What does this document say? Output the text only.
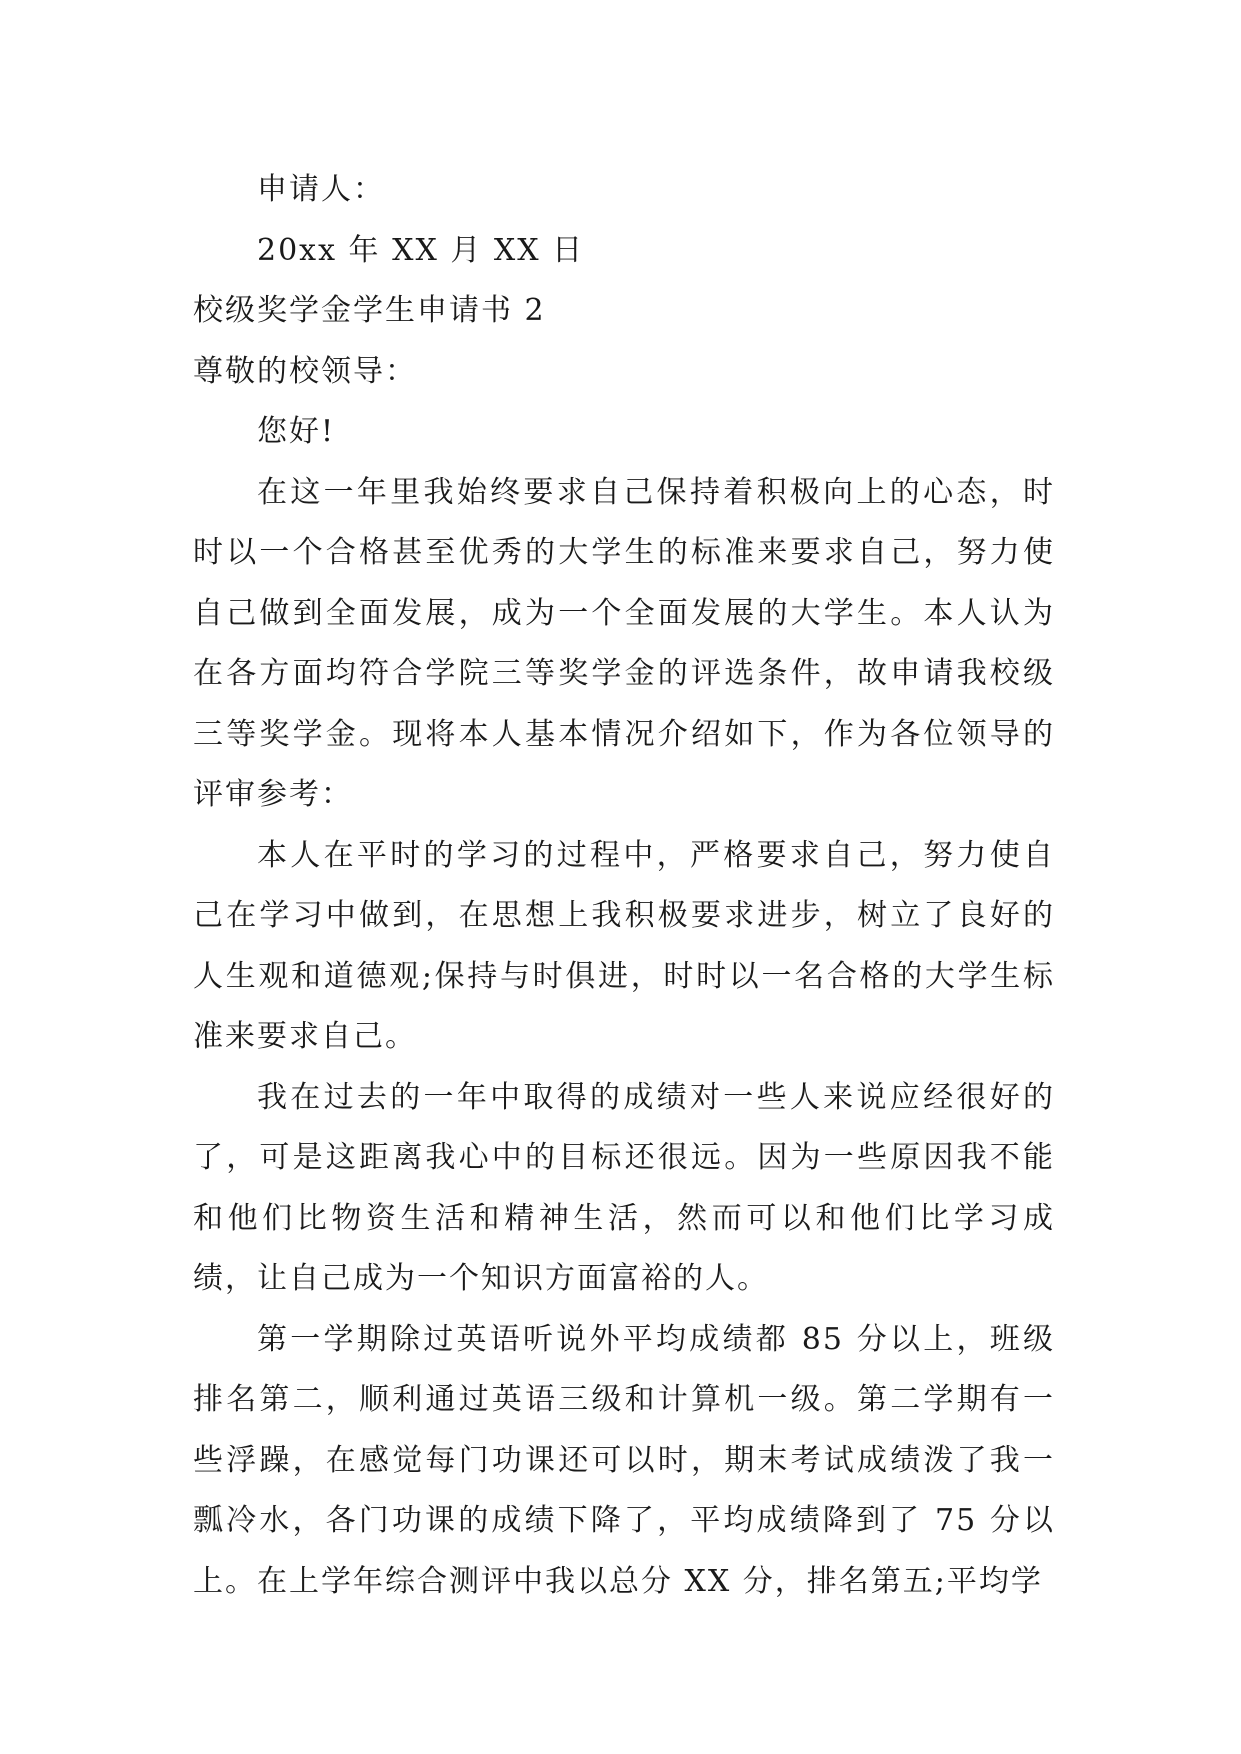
申请人：

20xx 年 XX 月 XX 日

校级奖学金学生申请书 2

尊敬的校领导：

您好!

在这一年里我始终要求自己保持着积极向上的心态，时时以一个合格甚至优秀的大学生的标准来要求自己，努力使自己做到全面发展，成为一个全面发展的大学生。本人认为在各方面均符合学院三等奖学金的评选条件，故申请我校级三等奖学金。现将本人基本情况介绍如下，作为各位领导的评审参考：

本人在平时的学习的过程中，严格要求自己，努力使自己在学习中做到，在思想上我积极要求进步，树立了良好的人生观和道德观;保持与时俱进，时时以一名合格的大学生标准来要求自己。

我在过去的一年中取得的成绩对一些人来说应经很好的了，可是这距离我心中的目标还很远。因为一些原因我不能和他们比物资生活和精神生活，然而可以和他们比学习成绩，让自己成为一个知识方面富裕的人。

第一学期除过英语听说外平均成绩都 85 分以上，班级排名第二，顺利通过英语三级和计算机一级。第二学期有一些浮躁，在感觉每门功课还可以时，期末考试成绩泼了我一瓢冷水，各门功课的成绩下降了，平均成绩降到了 75 分以上。在上学年综合测评中我以总分 XX 分，排名第五;平均学
